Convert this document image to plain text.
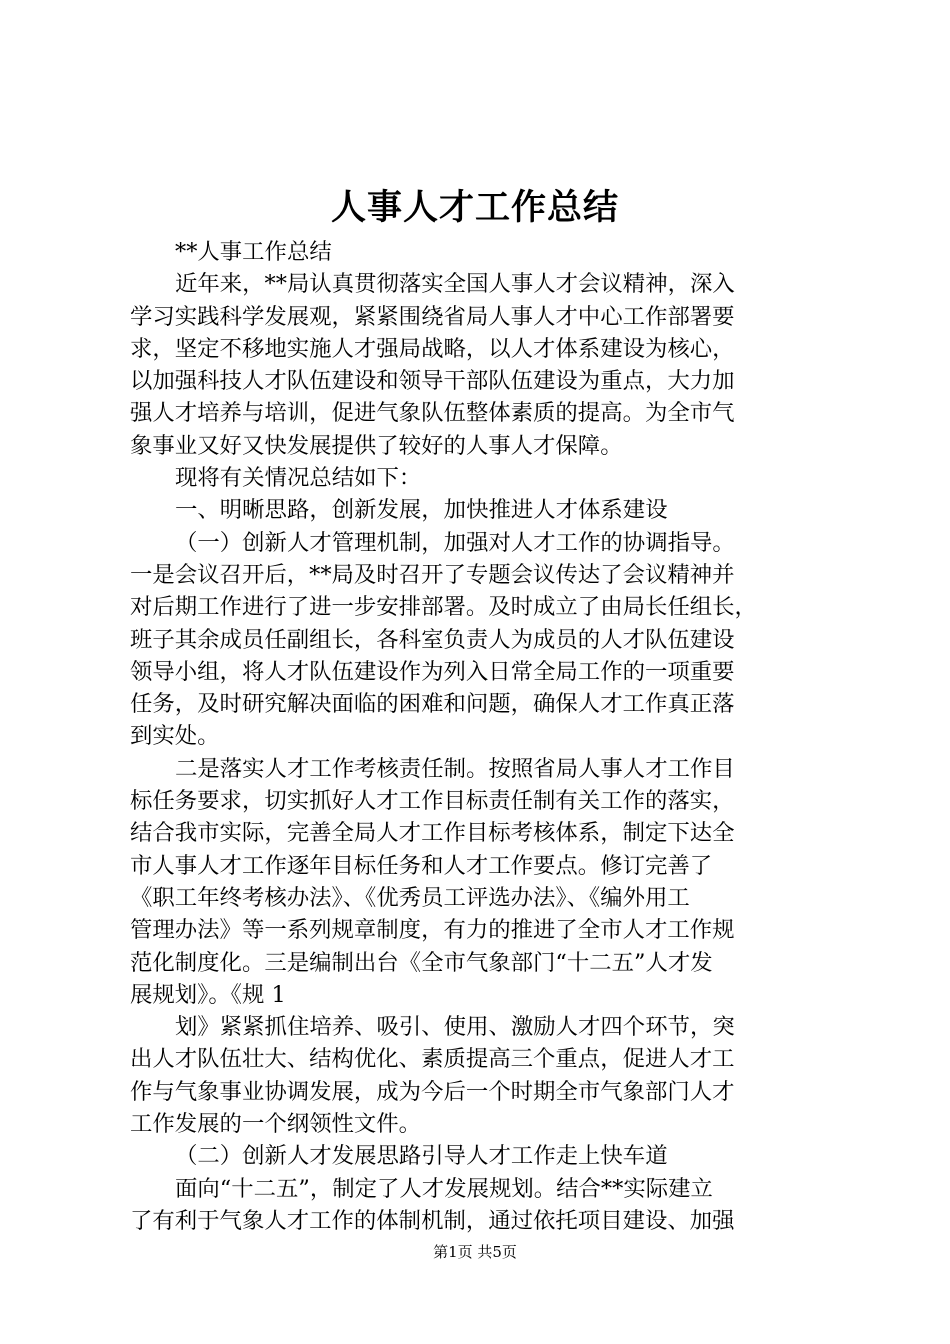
人事人才工作总结
**人事工作总结
近年来，**局认真贯彻落实全国人事人才会议精神，深入
学习实践科学发展观，紧紧围绕省局人事人才中心工作部署要
求，坚定不移地实施人才强局战略，以人才体系建设为核心，
以加强科技人才队伍建设和领导干部队伍建设为重点，大力加
强人才培养与培训，促进气象队伍整体素质的提高。为全市气
象事业又好又快发展提供了较好的人事人才保障。
现将有关情况总结如下：
一、明晰思路，创新发展，加快推进人才体系建设
（一）创新人才管理机制，加强对人才工作的协调指导。
一是会议召开后，**局及时召开了专题会议传达了会议精神并
对后期工作进行了进一步安排部署。及时成立了由局长任组长，
班子其余成员任副组长，各科室负责人为成员的人才队伍建设
领导小组，将人才队伍建设作为列入日常全局工作的一项重要
任务，及时研究解决面临的困难和问题，确保人才工作真正落
到实处。
二是落实人才工作考核责任制。按照省局人事人才工作目
标任务要求，切实抓好人才工作目标责任制有关工作的落实，
结合我市实际，完善全局人才工作目标考核体系，制定下达全
市人事人才工作逐年目标任务和人才工作要点。修订完善了
《职工年终考核办法》、《优秀员工评选办法》、《编外用工
管理办法》等一系列规章制度，有力的推进了全市人才工作规
范化制度化。三是编制出台《全市气象部门“十二五”人才发
展规划》。《规 1
划》紧紧抓住培养、吸引、使用、激励人才四个环节，突
出人才队伍壮大、结构优化、素质提高三个重点，促进人才工
作与气象事业协调发展，成为今后一个时期全市气象部门人才
工作发展的一个纲领性文件。
（二）创新人才发展思路引导人才工作走上快车道
面向“十二五”，制定了人才发展规划。结合**实际建立
了有利于气象人才工作的体制机制，通过依托项目建设、加强
第1页 共5页
